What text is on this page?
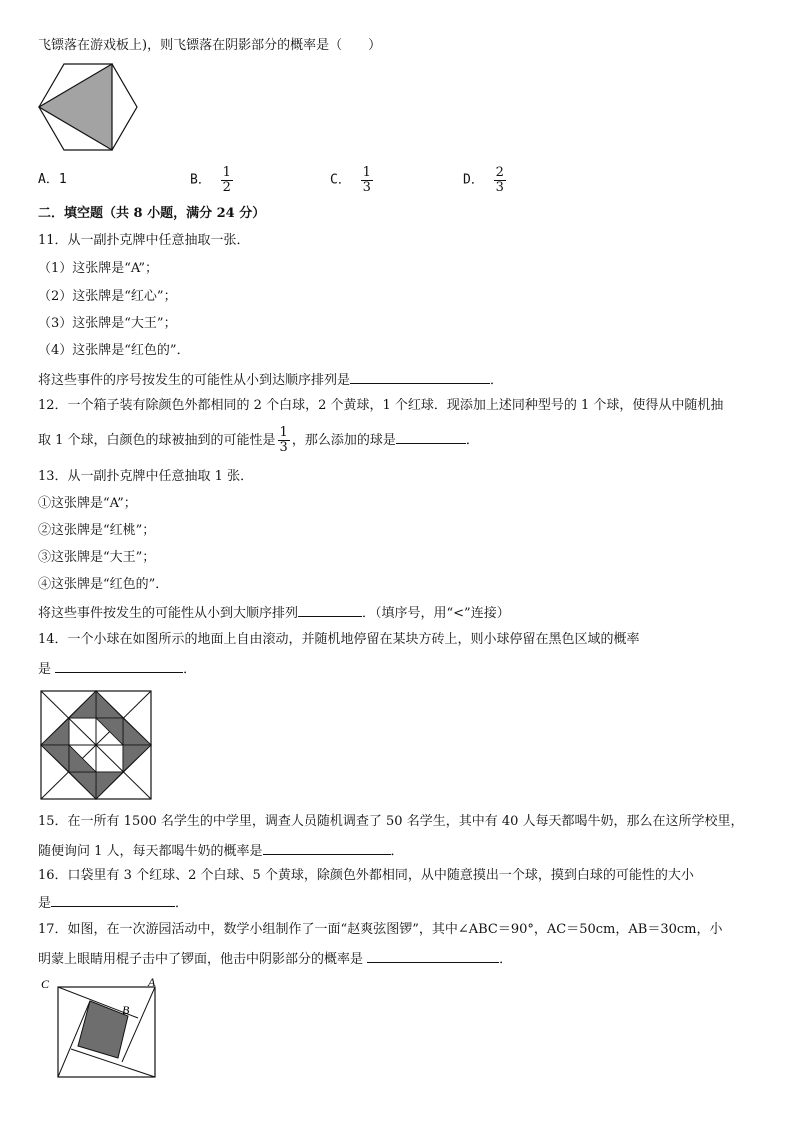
飞镖落在游戏板上)，则飞镖落在阴影部分的概率是（　　）
A．1	B． $\frac{1}{2}$	C． $\frac{1}{3}$	D． $\frac{2}{3}$
二．填空题（共 8 小题，满分 24 分）
11．从一副扑克牌中任意抽取一张．
（1）这张牌是“A”；
（2）这张牌是“红心”；
（3）这张牌是“大王”；
（4）这张牌是“红色的”．
将这些事件的序号按发生的可能性从小到达顺序排列是	．
12．一个箱子装有除颜色外都相同的 2 个白球，2 个黄球，1 个红球．现添加上述同种型号的 1 个球，使得从中随机抽
取 1 个球，白颜色的球被抽到的可能性是 $\frac{1}{3}$ ，那么添加的球是	．
13．从一副扑克牌中任意抽取 1 张．
①这张牌是“A”；
②这张牌是“红桃”；
③这张牌是“大王”；
④这张牌是“红色的”．
将这些事件按发生的可能性从小到大顺序排列	．（填序号，用“<”连接）
14．一个小球在如图所示的地面上自由滚动，并随机地停留在某块方砖上，则小球停留在黑色区域的概率
是	．
15．在一所有 1500 名学生的中学里，调查人员随机调查了 50 名学生，其中有 40 人每天都喝牛奶，那么在这所学校里，
随便询问 1 人，每天都喝牛奶的概率是	．
16．口袋里有 3 个红球、2 个白球、5 个黄球，除颜色外都相同，从中随意摸出一个球，摸到白球的可能性的大小
是	．
17．如图，在一次游园活动中，数学小组制作了一面“赵爽弦图锣”，其中∠ABC＝90°，AC＝50cm，AB＝30cm，小
明蒙上眼睛用棍子击中了锣面，他击中阴影部分的概率是	．
C	A
B
